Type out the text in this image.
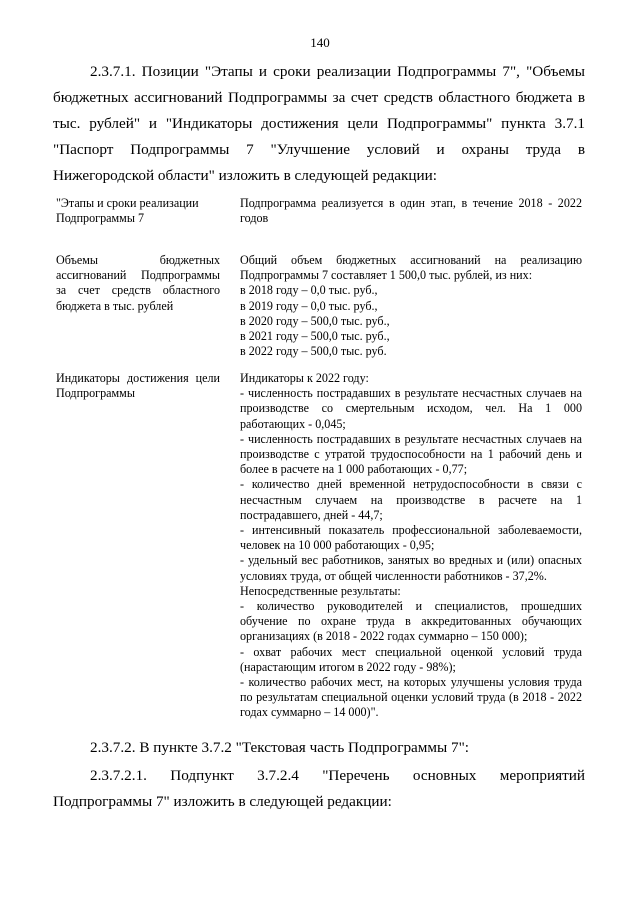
140

2.3.7.1. Позиции "Этапы и сроки реализации Подпрограммы 7", "Объемы бюджетных ассигнований Подпрограммы за счет средств областного бюджета в тыс. рублей" и "Индикаторы достижения цели Подпрограммы" пункта 3.7.1 "Паспорт Подпрограммы 7 "Улучшение условий и охраны труда в Нижегородской области" изложить в следующей редакции:

"Этапы и сроки реализации Подпрограммы 7
Подпрограмма реализуется в один этап, в течение 2018 - 2022 годов
Объемы бюджетных ассигнований Подпрограммы за счет средств областного бюджета в тыс. рублей
Общий объем бюджетных ассигнований на реализацию Подпрограммы 7 составляет 1 500,0 тыс. рублей, из них:
в 2018 году – 0,0 тыс. руб.,
в 2019 году – 0,0 тыс. руб.,
в 2020 году – 500,0 тыс. руб.,
в 2021 году – 500,0 тыс. руб.,
в 2022 году – 500,0 тыс. руб.
Индикаторы достижения цели Подпрограммы
Индикаторы к 2022 году:
- численность пострадавших в результате несчастных случаев на производстве со смертельным исходом, чел. На 1 000 работающих - 0,045;
- численность пострадавших в результате несчастных случаев на производстве с утратой трудоспособности на 1 рабочий день и более в расчете на 1 000 работающих - 0,77;
- количество дней временной нетрудоспособности в связи с несчастным случаем на производстве в расчете на 1 пострадавшего, дней - 44,7;
- интенсивный показатель профессиональной заболеваемости, человек на 10 000 работающих - 0,95;
- удельный вес работников, занятых во вредных и (или) опасных условиях труда, от общей численности работников - 37,2%.
Непосредственные результаты:
- количество руководителей и специалистов, прошедших обучение по охране труда в аккредитованных обучающих организациях (в 2018 - 2022 годах суммарно – 150 000);
- охват рабочих мест специальной оценкой условий труда (нарастающим итогом в 2022 году - 98%);
- количество рабочих мест, на которых улучшены условия труда по результатам специальной оценки условий труда (в 2018 - 2022 годах суммарно – 14 000)".

2.3.7.2. В пункте 3.7.2 "Текстовая часть Подпрограммы 7":

2.3.7.2.1. Подпункт 3.7.2.4 "Перечень основных мероприятий Подпрограммы 7" изложить в следующей редакции:
